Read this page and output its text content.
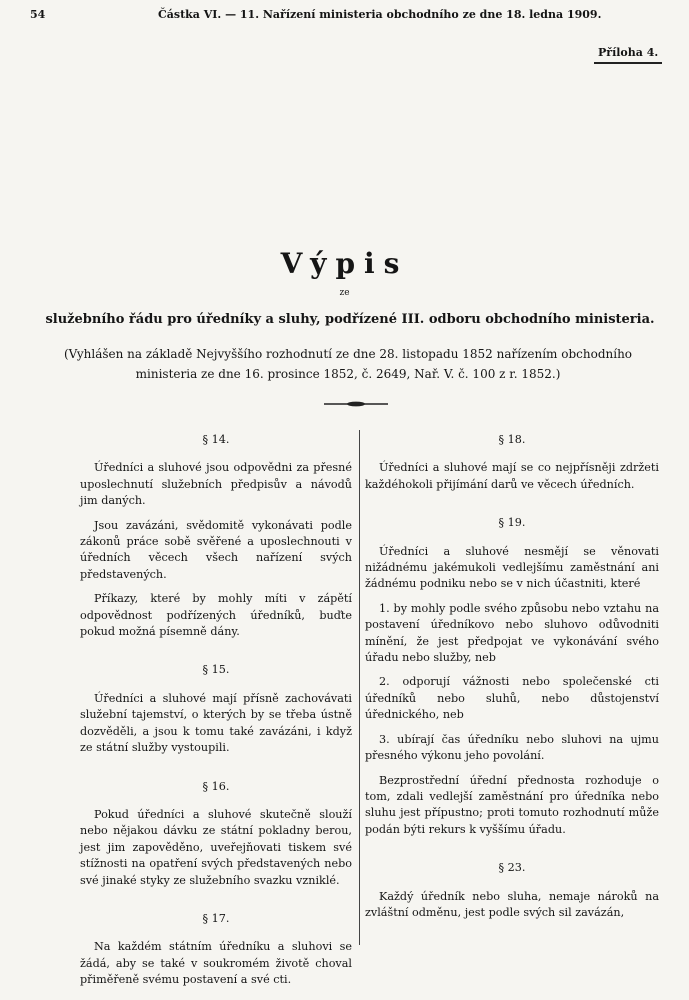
54	Částka VI. — 11. Nařízení ministeria obchodního ze dne 18. ledna 1909.
Příloha 4.
Výpis
ze
služebního řádu pro úředníky a sluhy, podřízené III. odboru obchodního ministeria.
(Vyhlášen na základě Nejvyššího rozhodnutí ze dne 28. listopadu 1852 nařízením obchodního ministeria ze dne 16. prosince 1852, č. 2649, Nař. V. č. 100 z r. 1852.)
§ 14.

Úředníci a sluhové jsou odpovědni za přesné uposlechnutí služebních předpisův a návodů jim daných.

Jsou zavázáni, svědomitě vykonávati podle zákonů práce sobě svěřené a uposlechnouti v úředních věcech všech nařízení svých představených.

Příkazy, které by mohly míti v zápětí odpovědnost podřízených úředníků, buďte pokud možná písemně dány.

§ 15.

Úředníci a sluhové mají přísně zachovávati služební tajemství, o kterých by se třeba ústně dozvěděli, a jsou k tomu také zavázáni, i když ze státní služby vystoupili.

§ 16.

Pokud úředníci a sluhové skutečně slouží nebo nějakou dávku ze státní pokladny berou, jest jim zapověděno, uveřejňovati tiskem své stížnosti na opatření svých představených nebo své jinaké styky ze služebního svazku vzniklé.

§ 17.

Na každém státním úředníku a sluhovi se žádá, aby se také v soukromém životě choval přiměřeně svému postavení a své cti.

§ 18.

Úředníci a sluhové mají se co nejpřísněji zdržeti každéhokoli přijímání darů ve věcech úředních.

§ 19.

Úředníci a sluhové nesmějí se věnovati nižádnému jakémukoli vedlejšímu zaměstnání ani žádnému podniku nebo se v nich účastniti, které

1. by mohly podle svého způsobu nebo vztahu na postavení úředníkovo nebo sluhovo odůvodniti mínění, že jest předpojat ve vykonávání svého úřadu nebo služby, neb

2. odporují vážnosti nebo společenské cti úředníků nebo sluhů, nebo důstojenství úřednického, neb

3. ubírají čas úředníku nebo sluhovi na ujmu přesného výkonu jeho povolání.

Bezprostřední úřední přednosta rozhoduje o tom, zdali vedlejší zaměstnání pro úředníka nebo sluhu jest přípustno; proti tomuto rozhodnutí může podán býti rekurs k vyššímu úřadu.

§ 23.

Každý úředník nebo sluha, nemaje nároků na zvláštní odměnu, jest podle svých sil zavázán,
